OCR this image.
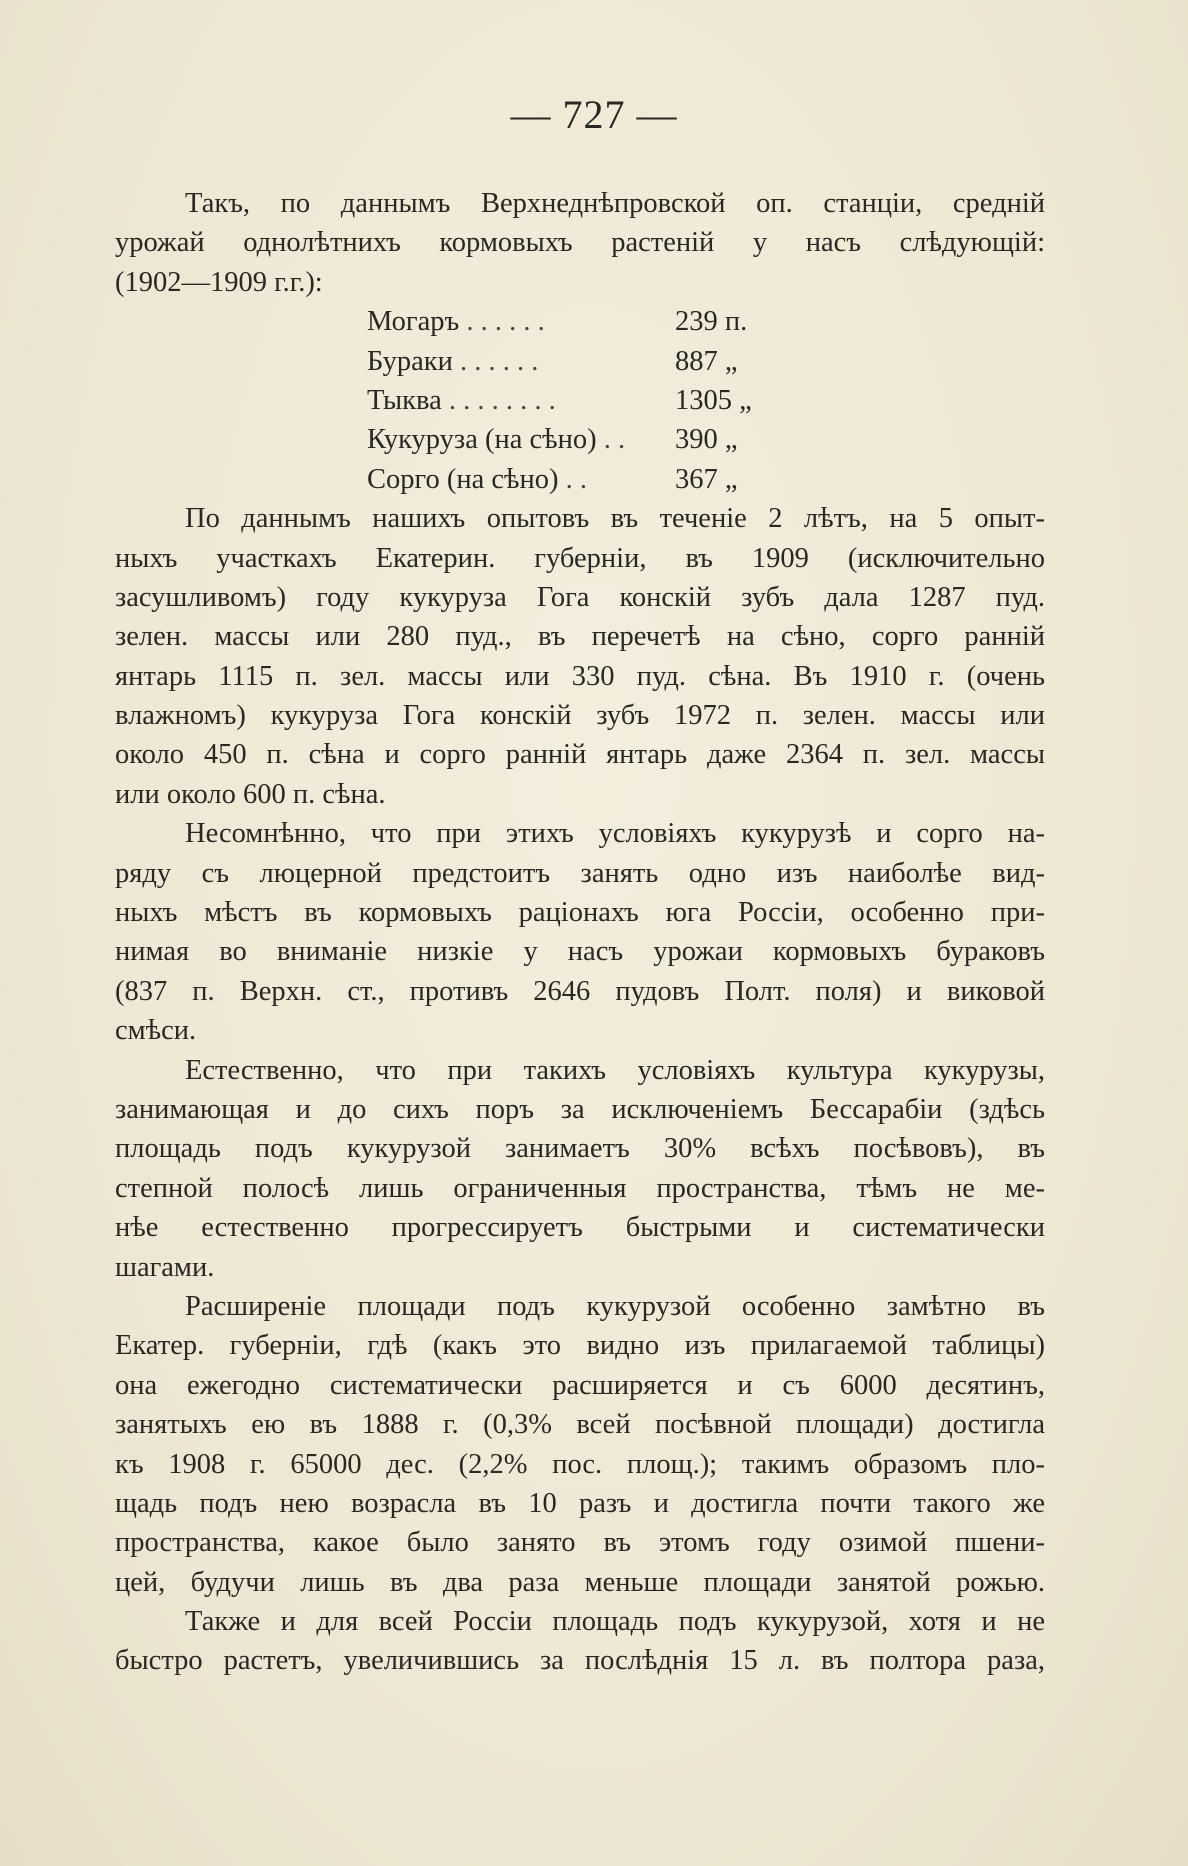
— 727 —
Такъ, по даннымъ Верхнеднѣпровской оп. станціи, средній
урожай однолѣтнихъ кормовыхъ растеній у насъ слѣдующій:
(1902—1909 г.г.):
Могаръ . . . . . .	239 п.
Бураки . . . . . .	887 „
Тыква . . . . . . . .	1305 „
Кукуруза (на сѣно) . . 390 „
Сорго (на сѣно) . .	367 „
По даннымъ нашихъ опытовъ въ теченіе 2 лѣтъ, на 5 опыт-
ныхъ участкахъ Екатерин. губерніи, въ 1909 (исключительно
засушливомъ) году кукуруза Гога конскій зубъ дала 1287 пуд.
зелен. массы или 280 пуд., въ перечетѣ на сѣно, сорго ранній
янтарь 1115 п. зел. массы или 330 пуд. сѣна. Въ 1910 г. (очень
влажномъ) кукуруза Гога конскій зубъ 1972 п. зелен. массы или
около 450 п. сѣна и сорго ранній янтарь даже 2364 п. зел. массы
или около 600 п. сѣна.
Несомнѣнно, что при этихъ условіяхъ кукурузѣ и сорго на-
ряду съ люцерной предстоитъ занять одно изъ наиболѣе вид-
ныхъ мѣстъ въ кормовыхъ раціонахъ юга Россіи, особенно при-
нимая во вниманіе низкіе у насъ урожаи кормовыхъ бураковъ
(837 п. Верхн. ст., противъ 2646 пудовъ Полт. поля) и виковой
смѣси.
Естественно, что при такихъ условіяхъ культура кукурузы,
занимающая и до сихъ поръ за исключеніемъ Бессарабіи (здѣсь
площадь подъ кукурузой занимаетъ 30% всѣхъ посѣвовъ), въ
степной полосѣ лишь ограниченныя пространства, тѣмъ не ме-
нѣе естественно прогрессируетъ быстрыми и систематически
шагами.
Расширеніе площади подъ кукурузой особенно замѣтно въ
Екатер. губерніи, гдѣ (какъ это видно изъ прилагаемой таблицы)
она ежегодно систематически расширяется и съ 6000 десятинъ,
занятыхъ ею въ 1888 г. (0,3% всей посѣвной площади) достигла
къ 1908 г. 65000 дес. (2,2% пос. площ.); такимъ образомъ пло-
щадь подъ нею возрасла въ 10 разъ и достигла почти такого же
пространства, какое было занято въ этомъ году озимой пшени-
цей, будучи лишь въ два раза меньше площади занятой рожью.
Также и для всей Россіи площадь подъ кукурузой, хотя и не
быстро растетъ, увеличившись за послѣднія 15 л. въ полтора раза,
